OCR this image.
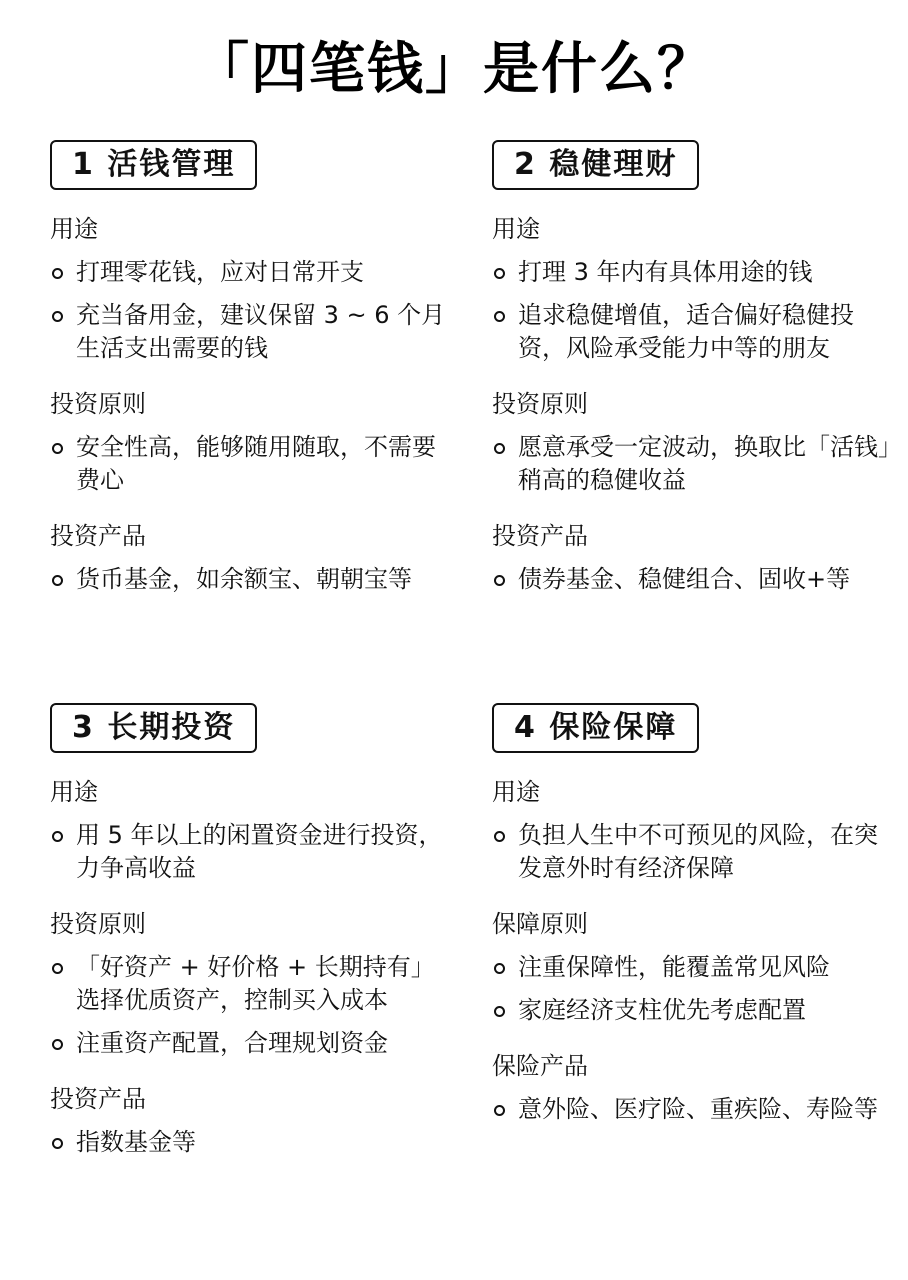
「四笔钱」是什么？
1 活钱管理
用途
打理零花钱，应对日常开支
充当备用金，建议保留 3 ~ 6 个月生活支出需要的钱
投资原则
安全性高，能够随用随取，不需要费心
投资产品
货币基金，如余额宝、朝朝宝等
2 稳健理财
用途
打理 3 年内有具体用途的钱
追求稳健增值，适合偏好稳健投资，风险承受能力中等的朋友
投资原则
愿意承受一定波动，换取比「活钱」稍高的稳健收益
投资产品
债券基金、稳健组合、固收+等
3 长期投资
用途
用 5 年以上的闲置资金进行投资，力争高收益
投资原则
「好资产 + 好价格 + 长期持有」选择优质资产，控制买入成本
注重资产配置，合理规划资金
投资产品
指数基金等
4 保险保障
用途
负担人生中不可预见的风险，在突发意外时有经济保障
保障原则
注重保障性，能覆盖常见风险
家庭经济支柱优先考虑配置
保险产品
意外险、医疗险、重疾险、寿险等
